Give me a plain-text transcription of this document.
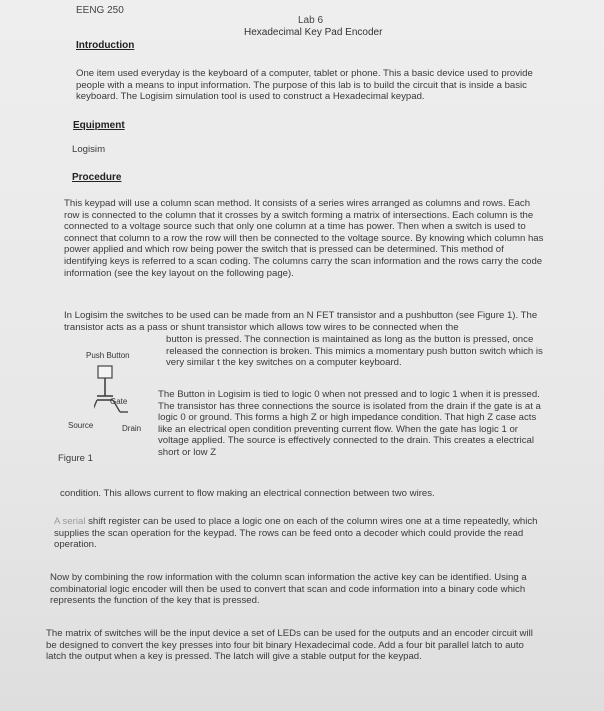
EENG 250

Lab 6

Hexadecimal Key Pad Encoder

Introduction

One item used everyday is the keyboard of a computer, tablet or phone. This a basic device used to provide people with a means to input information. The purpose of this lab is to build the circuit that is inside a basic keyboard. The Logisim simulation tool is used to construct a Hexadecimal keypad.

Equipment

Logisim

Procedure

This keypad will use a column scan method. It consists of a series wires arranged as columns and rows. Each row is connected to the column that it crosses by a switch forming a matrix of intersections. Each column is the connected to a voltage source such that only one column at a time has power. Then when a switch is used to connect that column to a row the row will then be connected to the voltage source. By knowing which column has power applied and which row being power the switch that is pressed can be determined. This method of identifying keys is referred to a scan coding. The columns carry the scan information and the rows carry the code information (see the key layout on the following page).

In Logisim the switches to be used can be made from an N FET transistor and a pushbutton (see Figure 1). The transistor acts as a pass or shunt transistor which allows tow wires to be connected when the

button is pressed. The connection is maintained as long as the button is pressed, once released the connection is broken. This mimics a momentary push button switch which is very similar t the key switches on a computer keyboard.

Push Button
Gate
Source	Drain
Figure 1

The Button in Logisim is tied to logic 0 when not pressed and to logic 1 when it is pressed. The transistor has three connections the source is isolated from the drain if the gate is at a logic 0 or ground. This forms a high Z or high impedance condition. That high Z case acts like an electrical open condition preventing current flow. When the gate has logic 1 or voltage applied. The source is effectively connected to the drain. This creates a electrical short or low Z

condition. This allows current to flow making an electrical connection between two wires.

A serial shift register can be used to place a logic one on each of the column wires one at a time repeatedly, which supplies the scan operation for the keypad. The rows can be feed onto a decoder which could provide the read operation.

Now by combining the row information with the column scan information the active key can be identified. Using a combinatorial logic encoder will then be used to convert that scan and code information into a binary code which represents the function of the key that is pressed.

The matrix of switches will be the input device a set of LEDs can be used for the outputs and an encoder circuit will be designed to convert the key presses into four bit binary Hexadecimal code. Add a four bit parallel latch to auto latch the output when a key is pressed. The latch will give a stable output for the keypad.
